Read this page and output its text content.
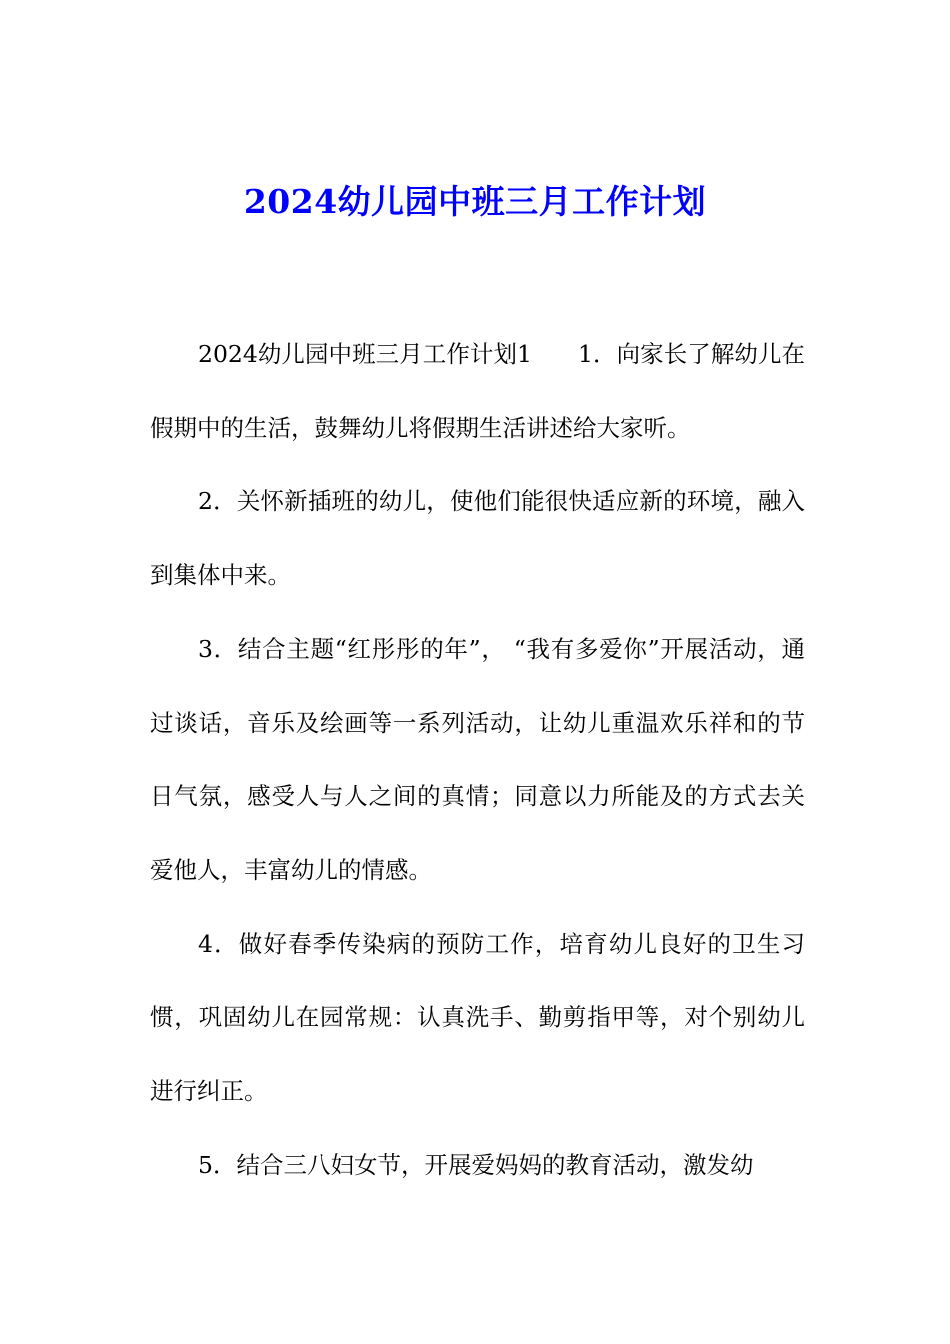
2024幼儿园中班三月工作计划

2024幼儿园中班三月工作计划1 1．向家长了解幼儿在假期中的生活，鼓舞幼儿将假期生活讲述给大家听。

2．关怀新插班的幼儿，使他们能很快适应新的环境，融入到集体中来。

3．结合主题“红彤彤的年”， “我有多爱你”开展活动，通过谈话，音乐及绘画等一系列活动，让幼儿重温欢乐祥和的节日气氛，感受人与人之间的真情；同意以力所能及的方式去关爱他人，丰富幼儿的情感。

4．做好春季传染病的预防工作，培育幼儿良好的卫生习惯，巩固幼儿在园常规：认真洗手、勤剪指甲等，对个别幼儿进行纠正。

5．结合三八妇女节，开展爱妈妈的教育活动，激发幼
